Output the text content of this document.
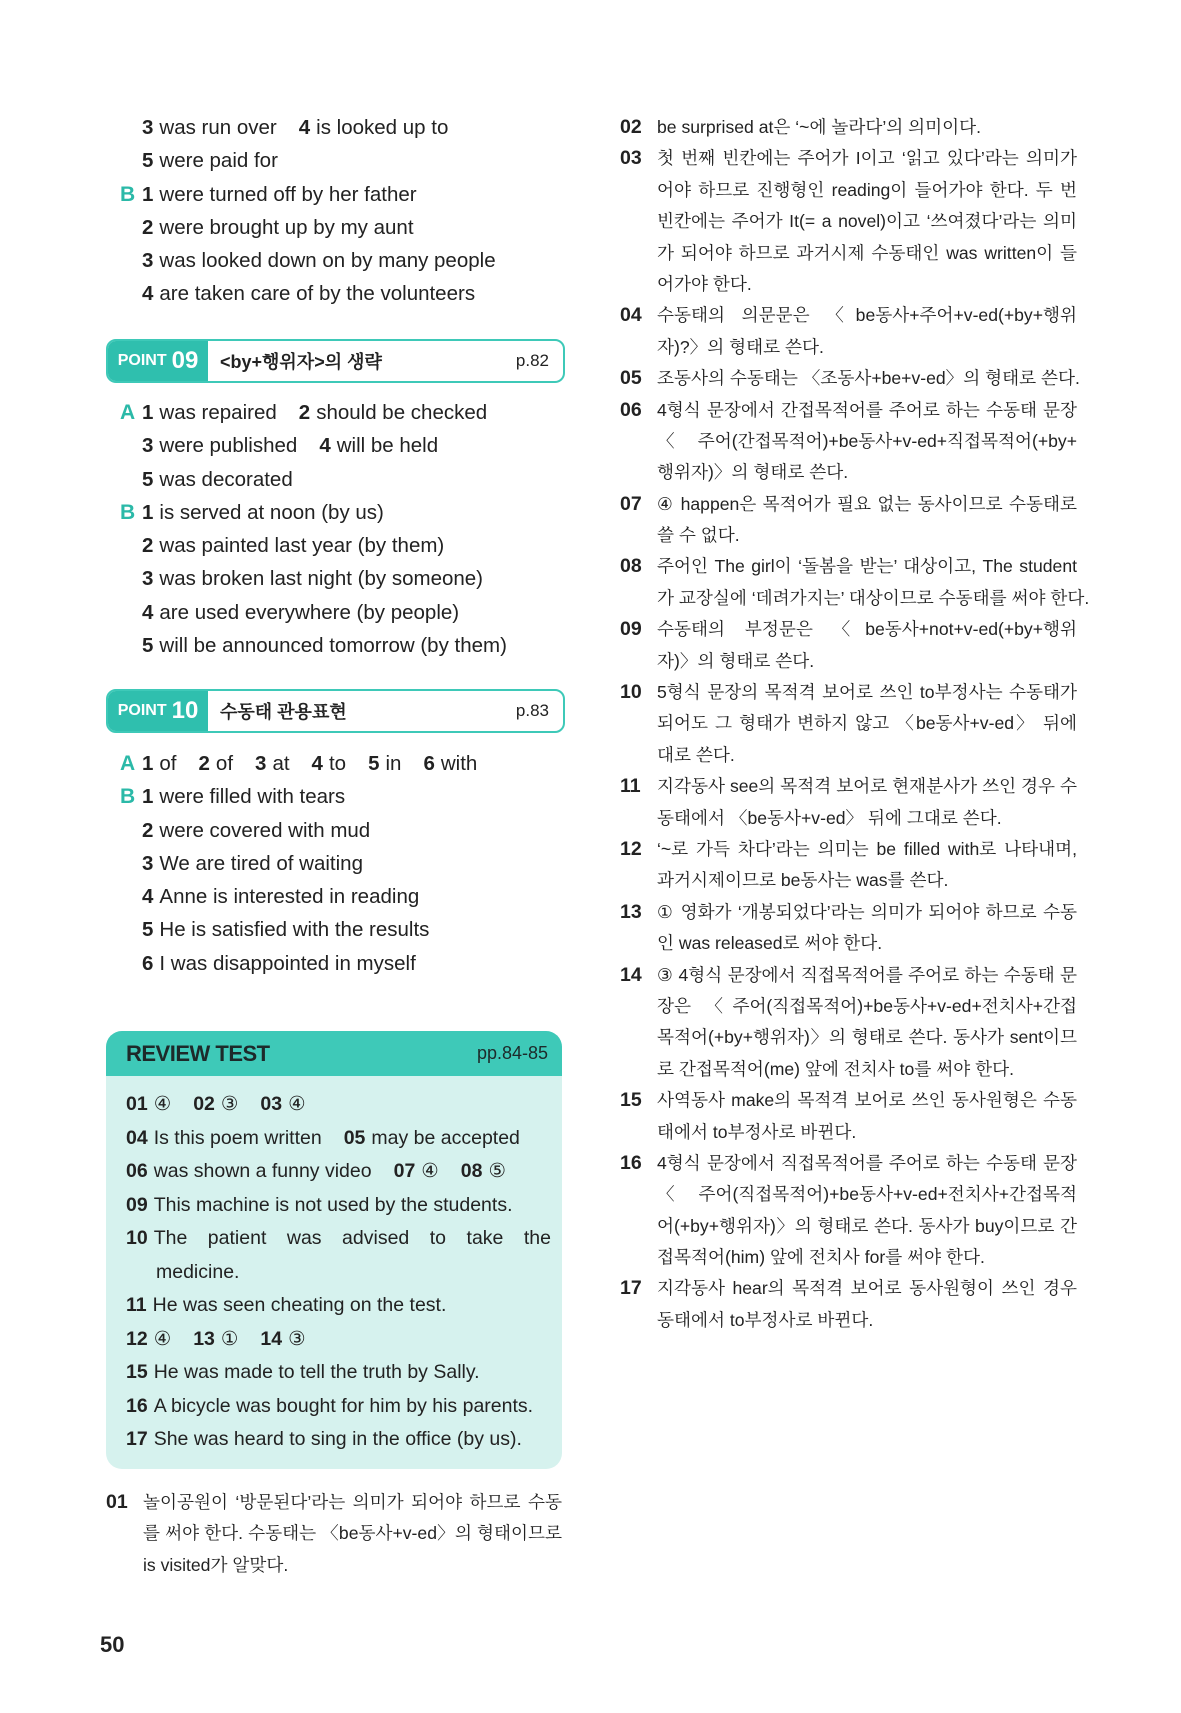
3 was run over 4 is looked up to
5 were paid for
B 1 were turned off by her father
2 were brought up by my aunt
3 was looked down on by many people
4 are taken care of by the volunteers
POINT 09	<by+행위자>의 생략	p.82
A 1 was repaired 2 should be checked
3 were published 4 will be held
5 was decorated
B 1 is served at noon (by us)
2 was painted last year (by them)
3 was broken last night (by someone)
4 are used everywhere (by people)
5 will be announced tomorrow (by them)
POINT 10	수동태 관용표현	p.83
A 1 of 2 of 3 at 4 to 5 in 6 with
B 1 were filled with tears
2 were covered with mud
3 We are tired of waiting
4 Anne is interested in reading
5 He is satisfied with the results
6 I was disappointed in myself
REVIEW TEST	pp.84-85
01 ④ 02 ③ 03 ④
04 Is this poem written 05 may be accepted
06 was shown a funny video 07 ④ 08 ⑤
09 This machine is not used by the students.
10 The patient was advised to take the
medicine.
11 He was seen cheating on the test.
12 ④ 13 ① 14 ③
15 He was made to tell the truth by Sally.
16 A bicycle was bought for him by his parents.
17 She was heard to sing in the office (by us).
01 놀이공원이 ‘방문된다’라는 의미가 되어야 하므로 수동
를 써야 한다. 수동태는 〈be동사+v-ed〉의 형태이므로
is visited가 알맞다.
02 be surprised at은 ‘~에 놀라다’의 의미이다.
03 첫 번째 빈칸에는 주어가 I이고 ‘읽고 있다’라는 의미가
어야 하므로 진행형인 reading이 들어가야 한다. 두 번
빈칸에는 주어가 It(= a novel)이고 ‘쓰여졌다’라는 의미
가 되어야 하므로 과거시제 수동태인 was written이 들
어가야 한다.
04 수동태의 의문문은 〈be동사+주어+v-ed(+by+행위
자)?〉의 형태로 쓴다.
05 조동사의 수동태는 〈조동사+be+v-ed〉의 형태로 쓴다.
06 4형식 문장에서 간접목적어를 주어로 하는 수동태 문장
〈주어(간접목적어)+be동사+v-ed+직접목적어(+by+
행위자)〉의 형태로 쓴다.
07 ④ happen은 목적어가 필요 없는 동사이므로 수동태로
쓸 수 없다.
08 주어인 The girl이 ‘돌봄을 받는’ 대상이고, The student
가 교장실에 ‘데려가지는’ 대상이므로 수동태를 써야 한다.
09 수동태의 부정문은 〈be동사+not+v-ed(+by+행위
자)〉의 형태로 쓴다.
10 5형식 문장의 목적격 보어로 쓰인 to부정사는 수동태가
되어도 그 형태가 변하지 않고 〈be동사+v-ed〉 뒤에
대로 쓴다.
11 지각동사 see의 목적격 보어로 현재분사가 쓰인 경우 수
동태에서 〈be동사+v-ed〉 뒤에 그대로 쓴다.
12 ‘~로 가득 차다’라는 의미는 be filled with로 나타내며,
과거시제이므로 be동사는 was를 쓴다.
13 ① 영화가 ‘개봉되었다’라는 의미가 되어야 하므로 수동
인 was released로 써야 한다.
14 ③ 4형식 문장에서 직접목적어를 주어로 하는 수동태 문
장은 〈주어(직접목적어)+be동사+v-ed+전치사+간접
목적어(+by+행위자)〉의 형태로 쓴다. 동사가 sent이므
로 간접목적어(me) 앞에 전치사 to를 써야 한다.
15 사역동사 make의 목적격 보어로 쓰인 동사원형은 수동
태에서 to부정사로 바뀐다.
16 4형식 문장에서 직접목적어를 주어로 하는 수동태 문장
〈주어(직접목적어)+be동사+v-ed+전치사+간접목적
어(+by+행위자)〉의 형태로 쓴다. 동사가 buy이므로 간
접목적어(him) 앞에 전치사 for를 써야 한다.
17 지각동사 hear의 목적격 보어로 동사원형이 쓰인 경우
동태에서 to부정사로 바뀐다.
50
